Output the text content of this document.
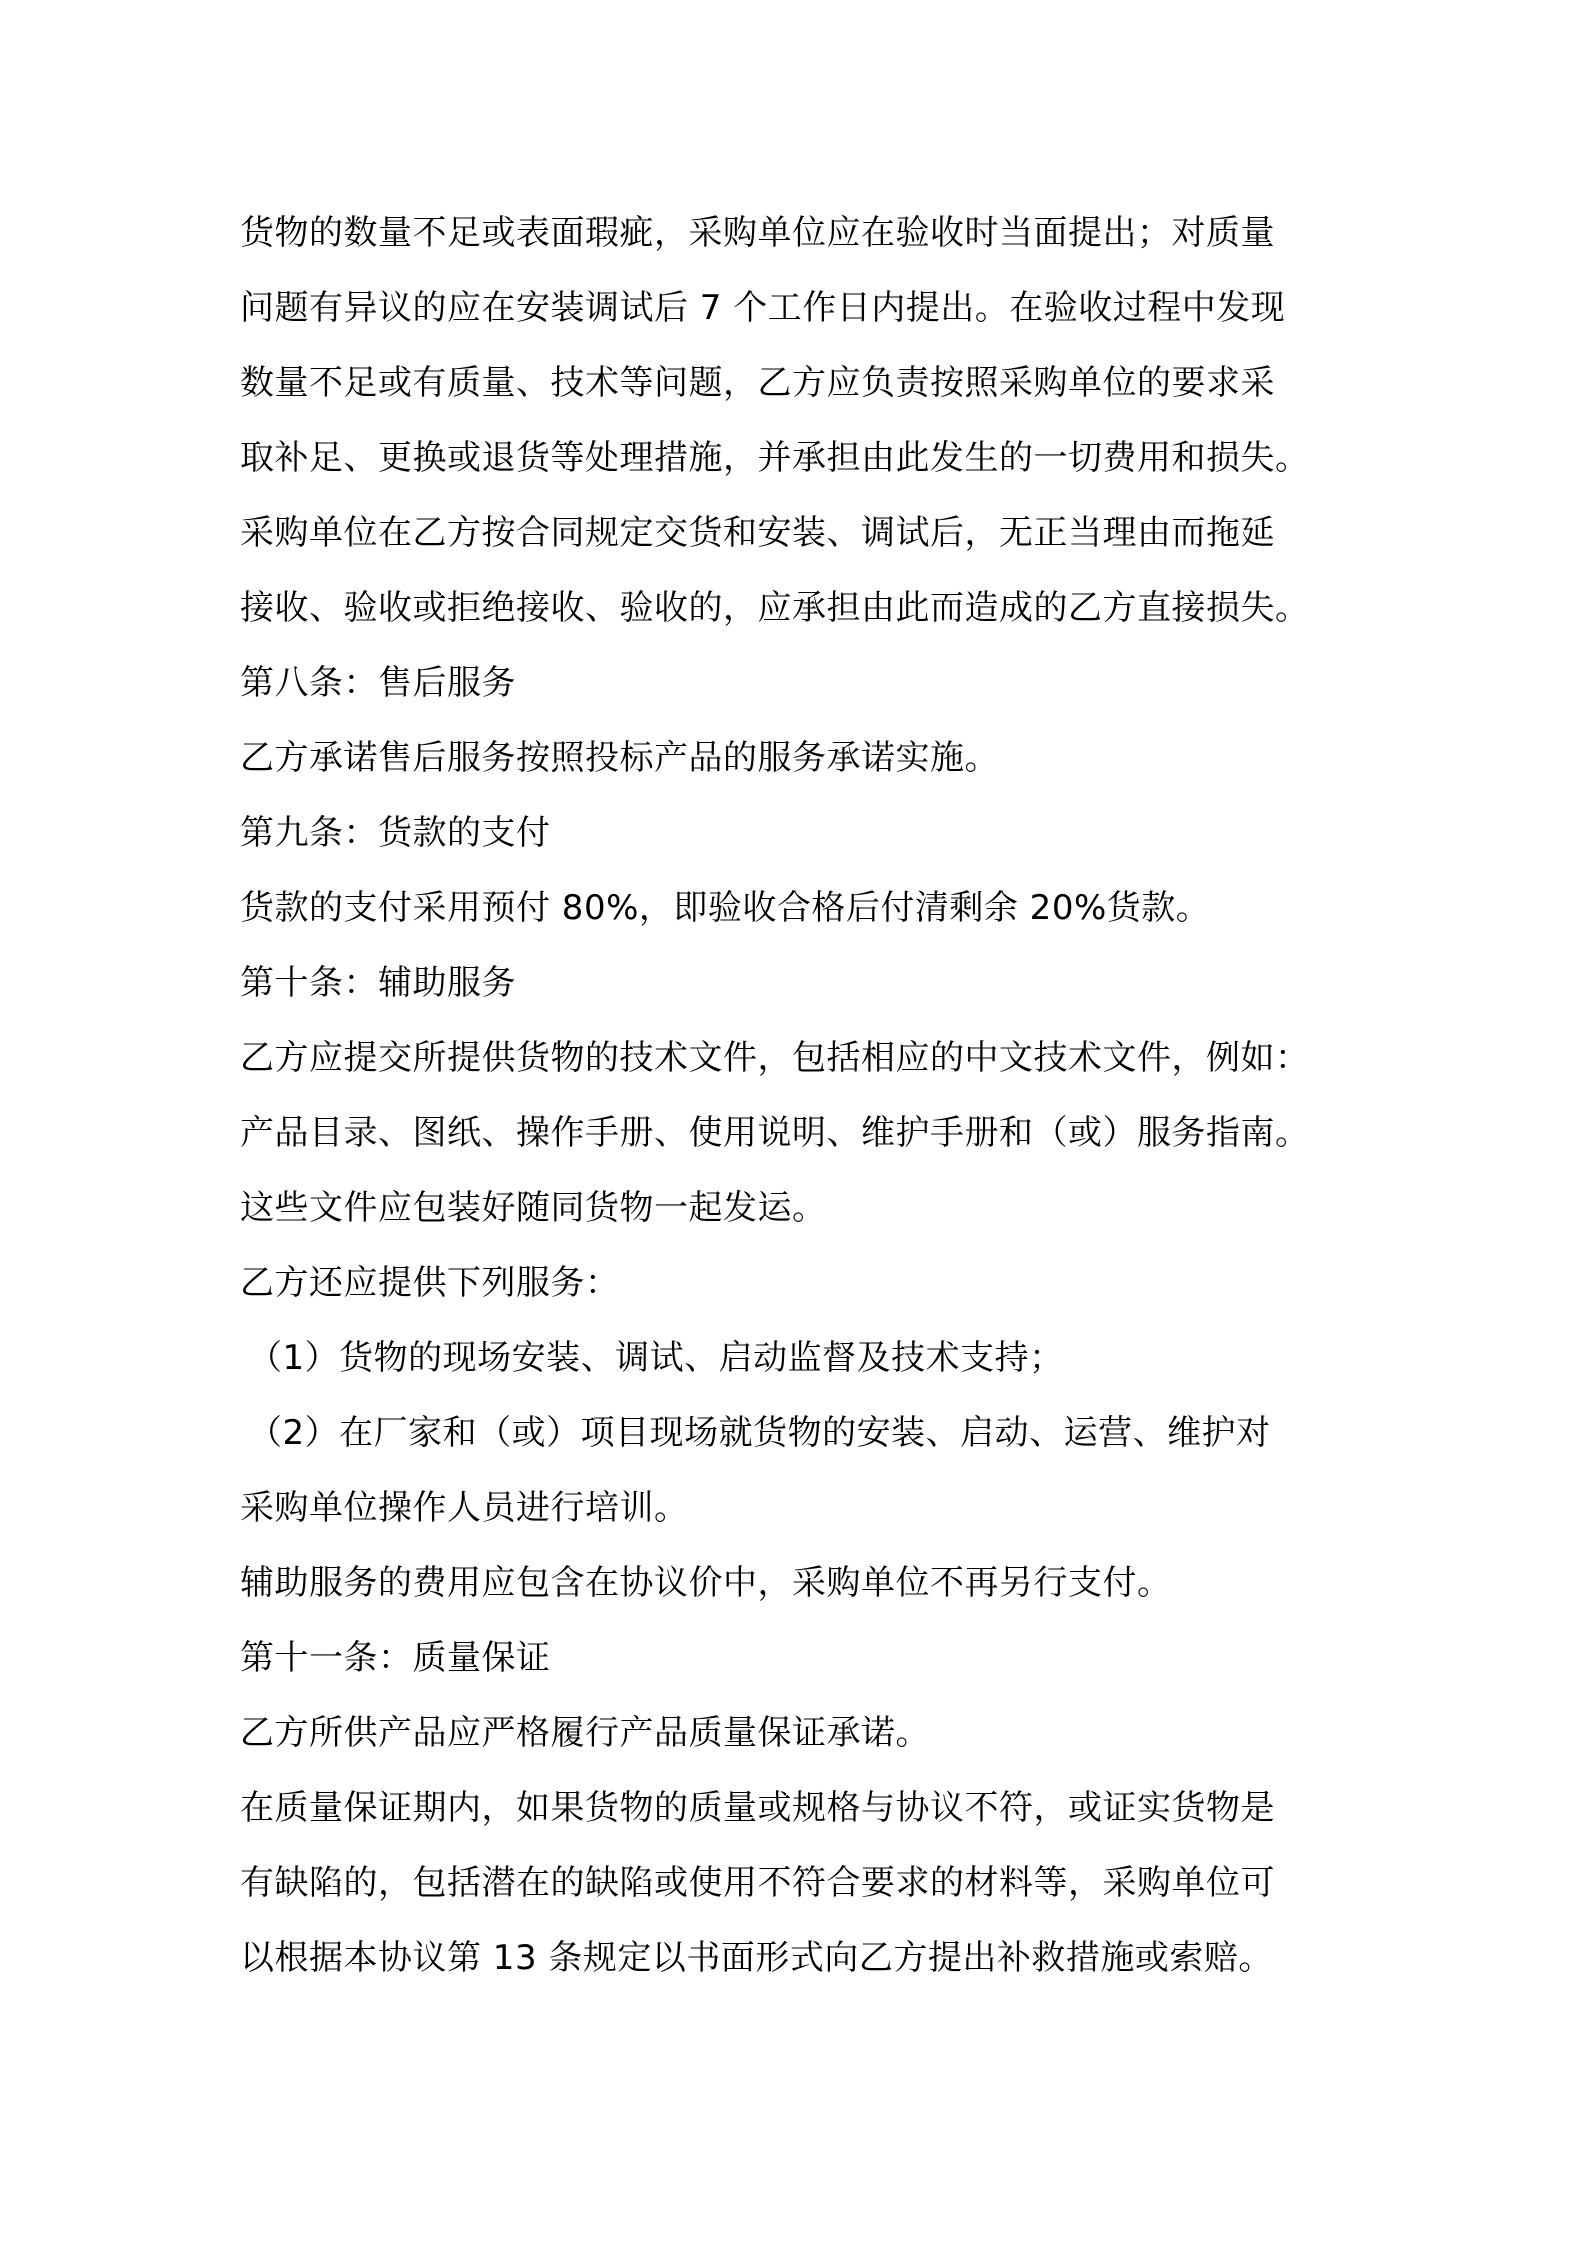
货物的数量不足或表面瑕疵，采购单位应在验收时当面提出；对质量
问题有异议的应在安装调试后 7 个工作日内提出。在验收过程中发现
数量不足或有质量、技术等问题，乙方应负责按照采购单位的要求采
取补足、更换或退货等处理措施，并承担由此发生的一切费用和损失。
采购单位在乙方按合同规定交货和安装、调试后，无正当理由而拖延
接收、验收或拒绝接收、验收的，应承担由此而造成的乙方直接损失。
第八条：售后服务
乙方承诺售后服务按照投标产品的服务承诺实施。
第九条：货款的支付
货款的支付采用预付 80%，即验收合格后付清剩余 20%货款。
第十条：辅助服务
乙方应提交所提供货物的技术文件，包括相应的中文技术文件，例如：
产品目录、图纸、操作手册、使用说明、维护手册和（或）服务指南。
这些文件应包装好随同货物一起发运。
乙方还应提供下列服务：
（1）货物的现场安装、调试、启动监督及技术支持；
（2）在厂家和（或）项目现场就货物的安装、启动、运营、维护对
采购单位操作人员进行培训。
辅助服务的费用应包含在协议价中，采购单位不再另行支付。
第十一条：质量保证
乙方所供产品应严格履行产品质量保证承诺。
在质量保证期内，如果货物的质量或规格与协议不符，或证实货物是
有缺陷的，包括潜在的缺陷或使用不符合要求的材料等，采购单位可
以根据本协议第 13 条规定以书面形式向乙方提出补救措施或索赔。
